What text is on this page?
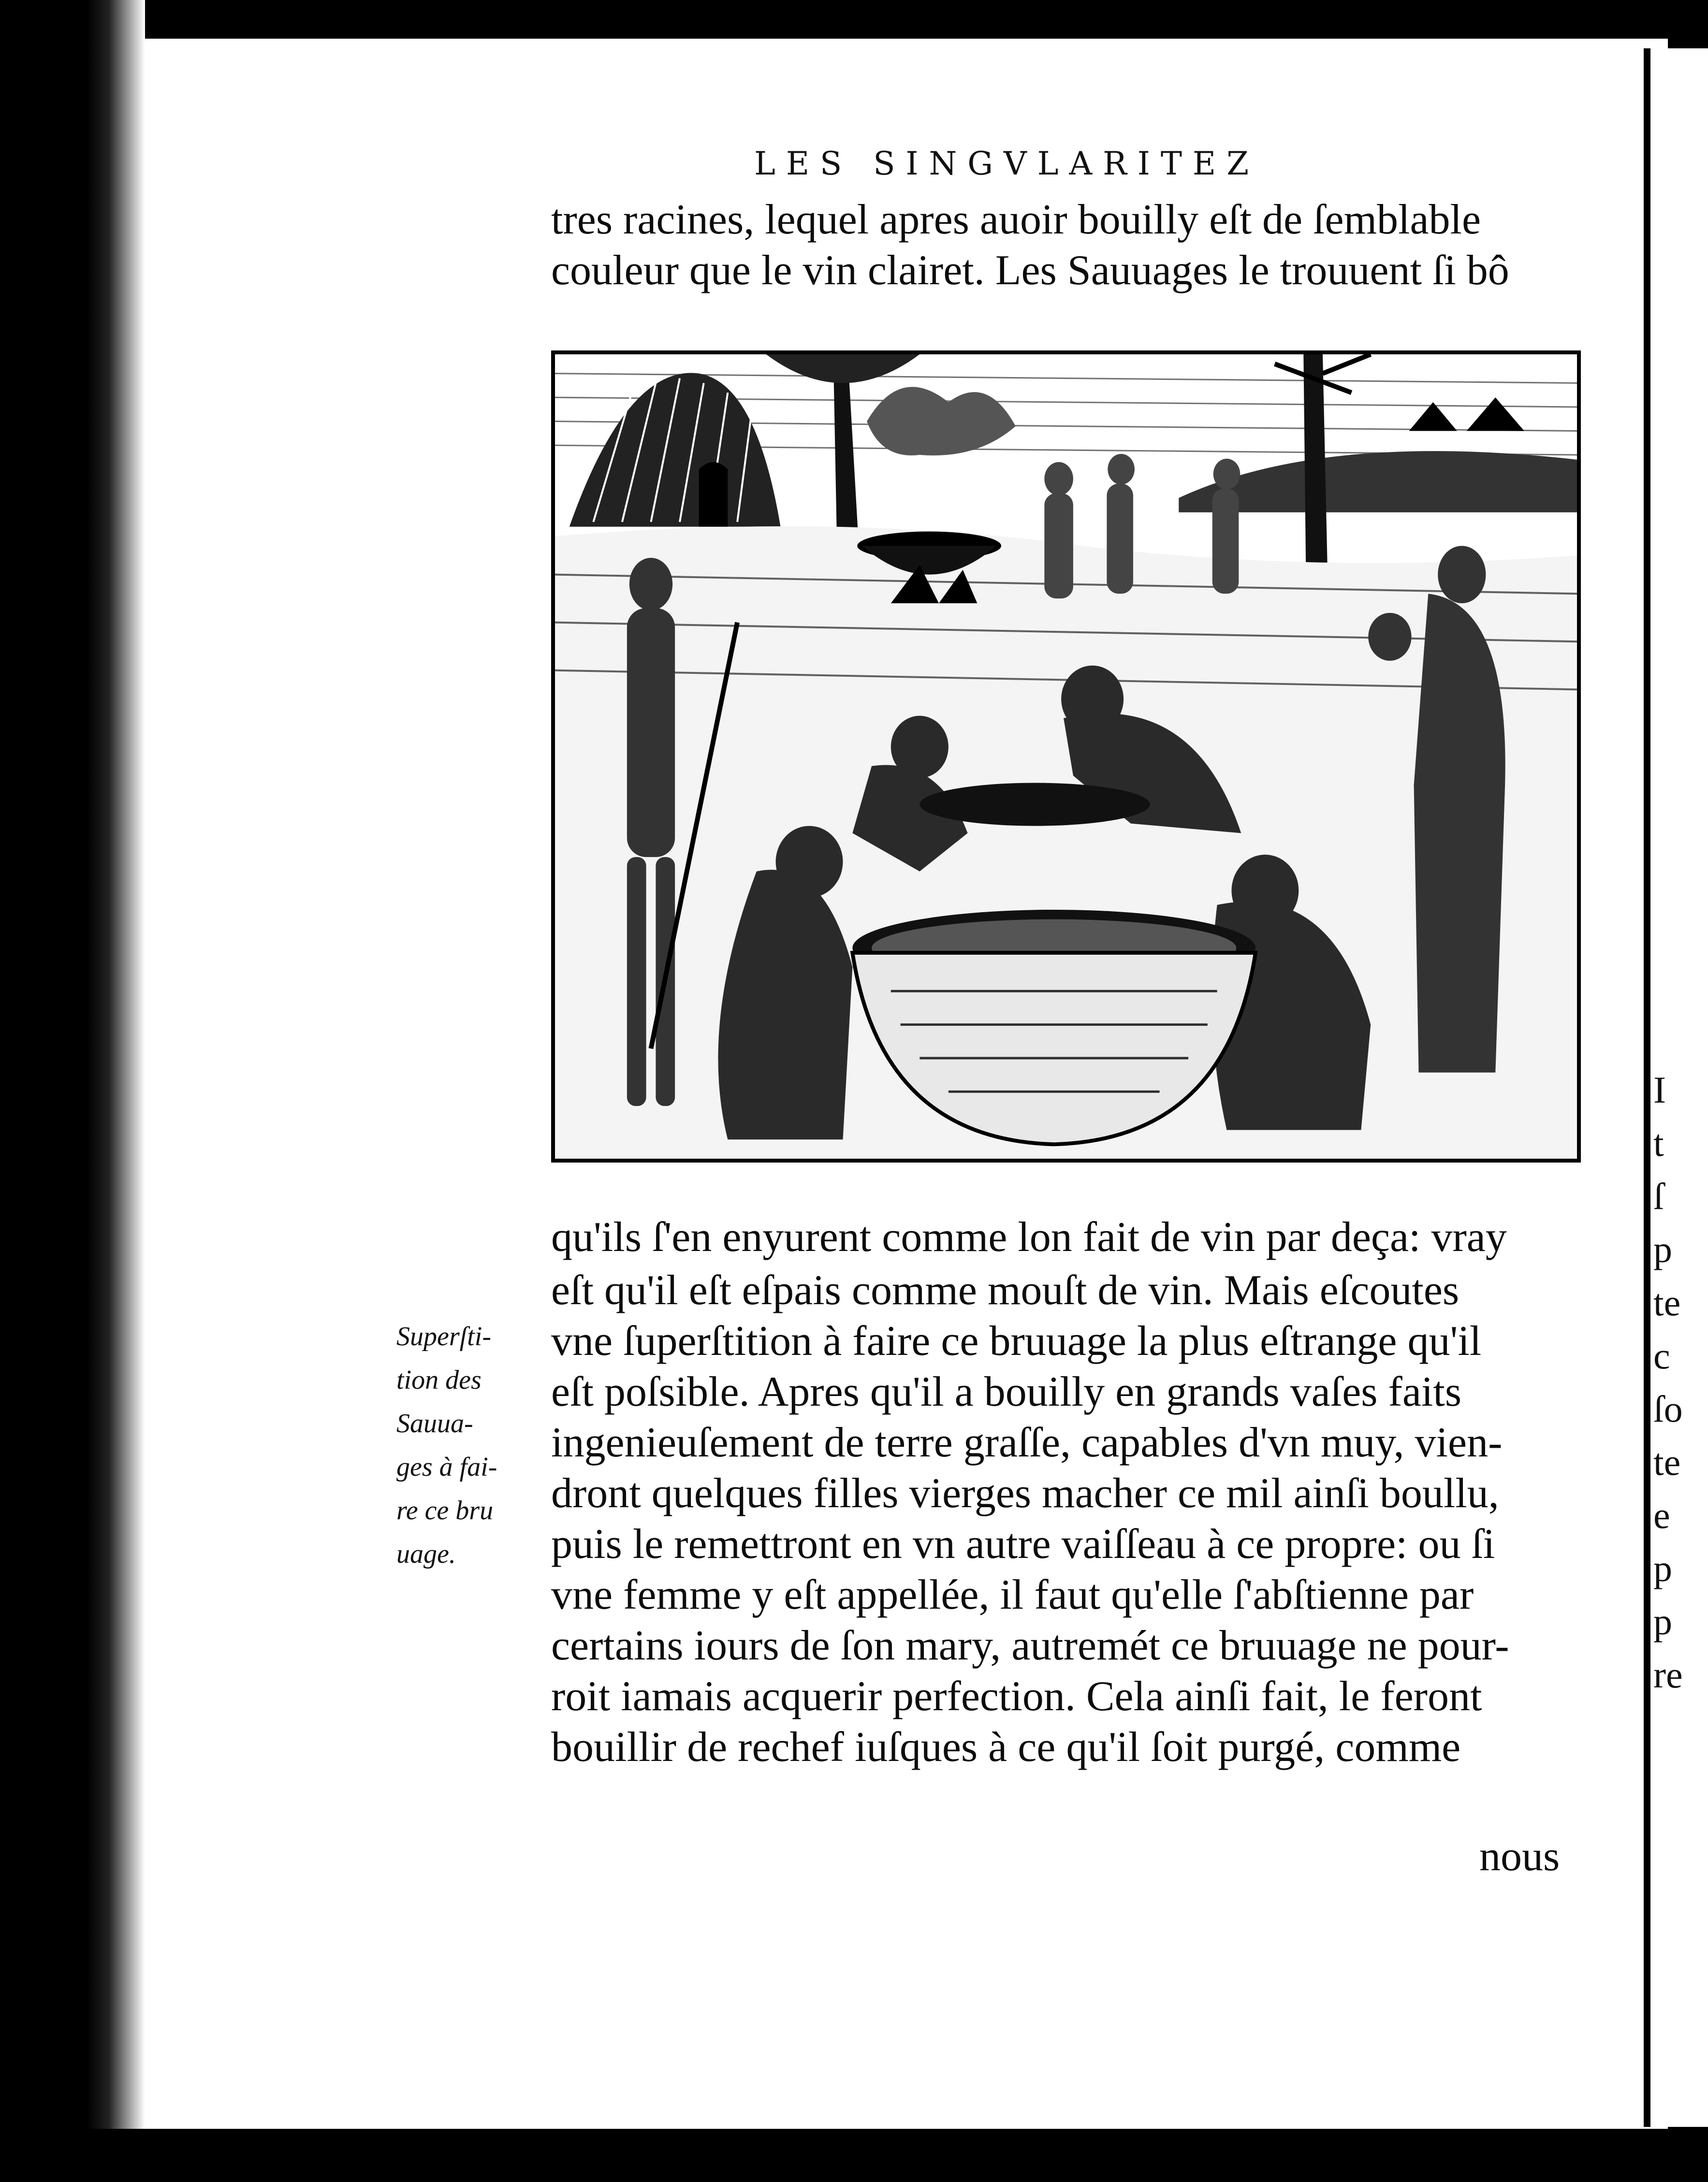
I
t
ſ
p
te
c
ſo
te
e
p
p
re
LES SINGVLARITEZ
tres racines, lequel apres auoir bouilly eſt de ſemblable
couleur que le vin clairet. Les Sauuages le trouuent ſi bô
qu'ils ſ'en enyurent comme lon fait de vin par deça: vray
eſt qu'il eſt eſpais comme mouſt de vin. Mais eſcoutes
vne ſuperſtition à faire ce bruuage la plus eſtrange qu'il
eſt poſsible. Apres qu'il a bouilly en grands vaſes faits
ingenieuſement de terre graſſe, capables d'vn muy, vien-
dront quelques filles vierges macher ce mil ainſi boullu,
puis le remettront en vn autre vaiſſeau à ce propre: ou ſi
vne femme y eſt appellée, il faut qu'elle ſ'abſtienne par
certains iours de ſon mary, autremét ce bruuage ne pour-
roit iamais acquerir perfection. Cela ainſi fait, le feront
bouillir de rechef iuſques à ce qu'il ſoit purgé, comme
nous
Superſti-
tion des
Sauua-
ges à fai-
re ce bru
uage.
